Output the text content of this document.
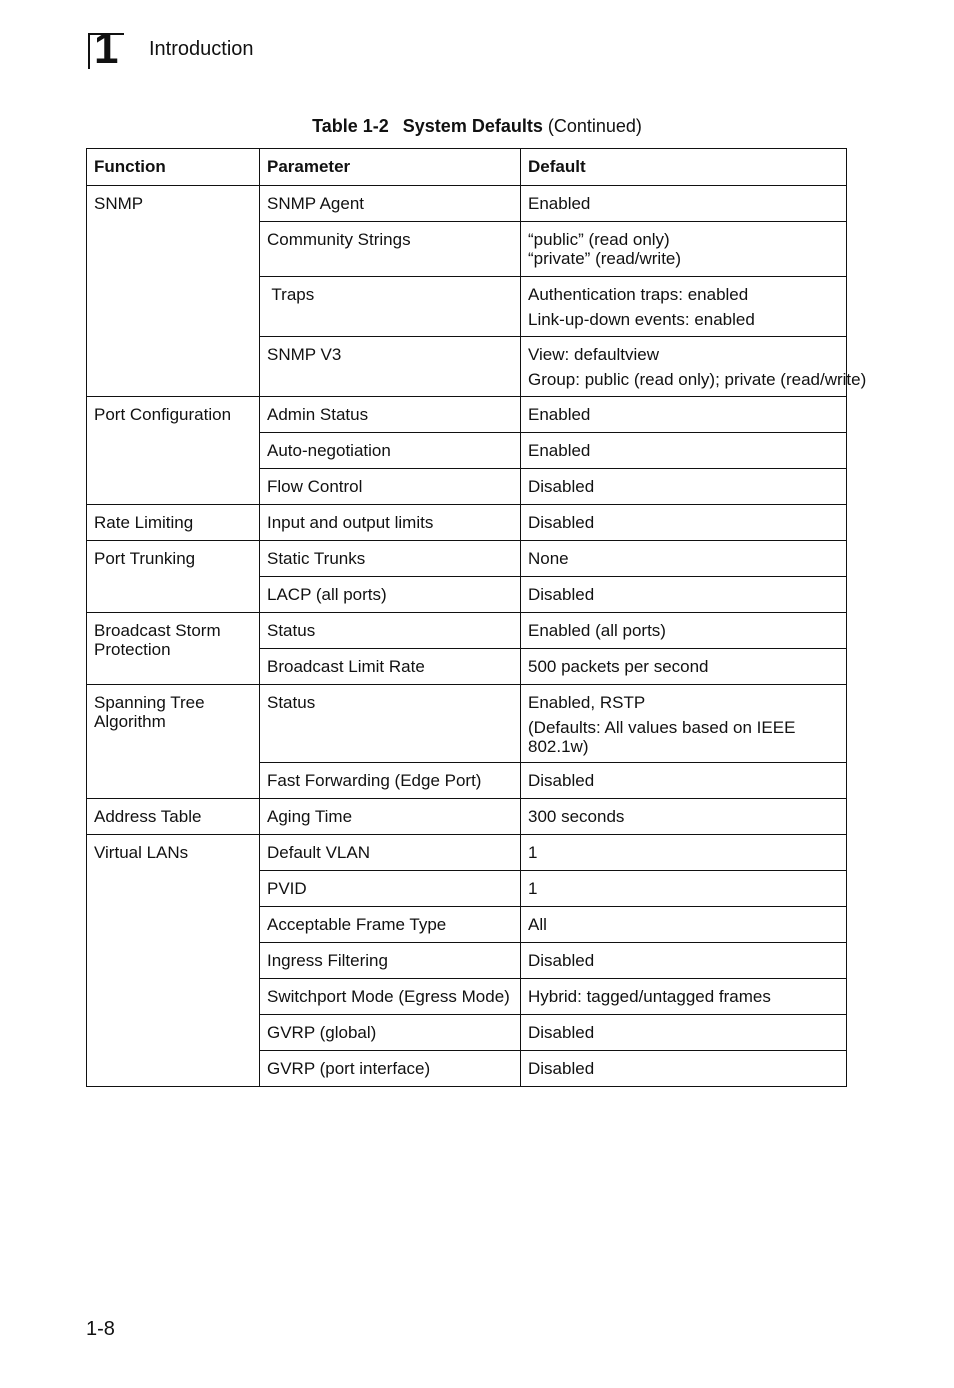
1 Introduction
Table 1-2 System Defaults (Continued)
Function	Parameter	Default
SNMP	SNMP Agent	Enabled
	Community Strings	“public” (read only)
“private” (read/write)

	Traps	Authentication traps: enabled
Link-up-down events: enabled

	SNMP V3	View: defaultview
Group: public (read only); private (read/write)

Port Configuration	Admin Status	Enabled
	Auto-negotiation	Enabled
	Flow Control	Disabled
Rate Limiting	Input and output limits	Disabled
Port Trunking	Static Trunks	None
	LACP (all ports)	Disabled

Broadcast Storm
Protection	Status	Enabled (all ports)
	Broadcast Limit Rate	500 packets per second

Spanning Tree
Algorithm	Status	Enabled, RSTP
(Defaults: All values based on IEEE 802.1w)

	Fast Forwarding (Edge Port)	Disabled
Address Table	Aging Time	300 seconds
Virtual LANs	Default VLAN	1
	PVID	1
	Acceptable Frame Type	All
	Ingress Filtering	Disabled
	Switchport Mode (Egress Mode)	Hybrid: tagged/untagged frames
	GVRP (global)	Disabled
	GVRP (port interface)	Disabled
1-8
